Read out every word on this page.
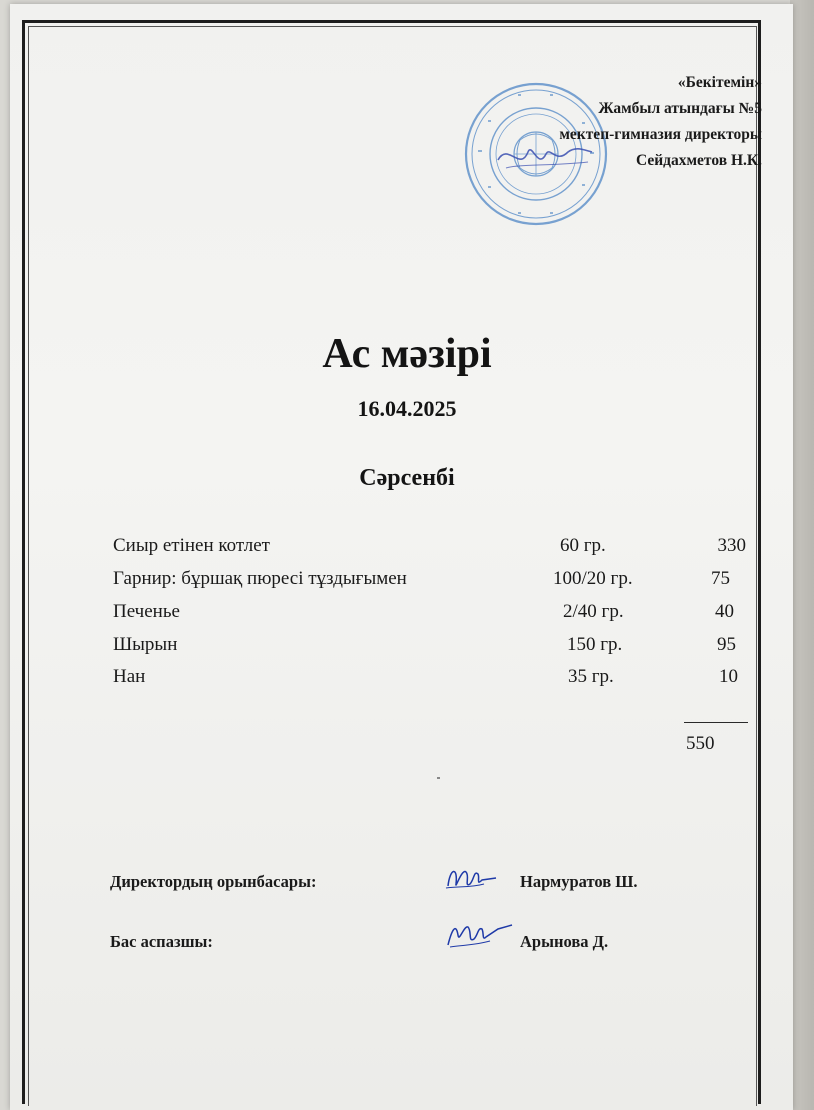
«Бекітемін»
Жамбыл атындағы №5
мектеп-гимназия директоры
Сейдахметов Н.К.
Ас мәзірі
16.04.2025
Сәрсенбі
Сиыр етінен котлет	60 гр.	330
Гарнир: бұршақ пюресі тұздығымен	100/20 гр.	75
Печенье	2/40 гр.	40
Шырын	150 гр.	95
Нан	35 гр.	10
550
Директордың орынбасары:	Нармуратов Ш.
Бас аспазшы:	Арынова Д.
